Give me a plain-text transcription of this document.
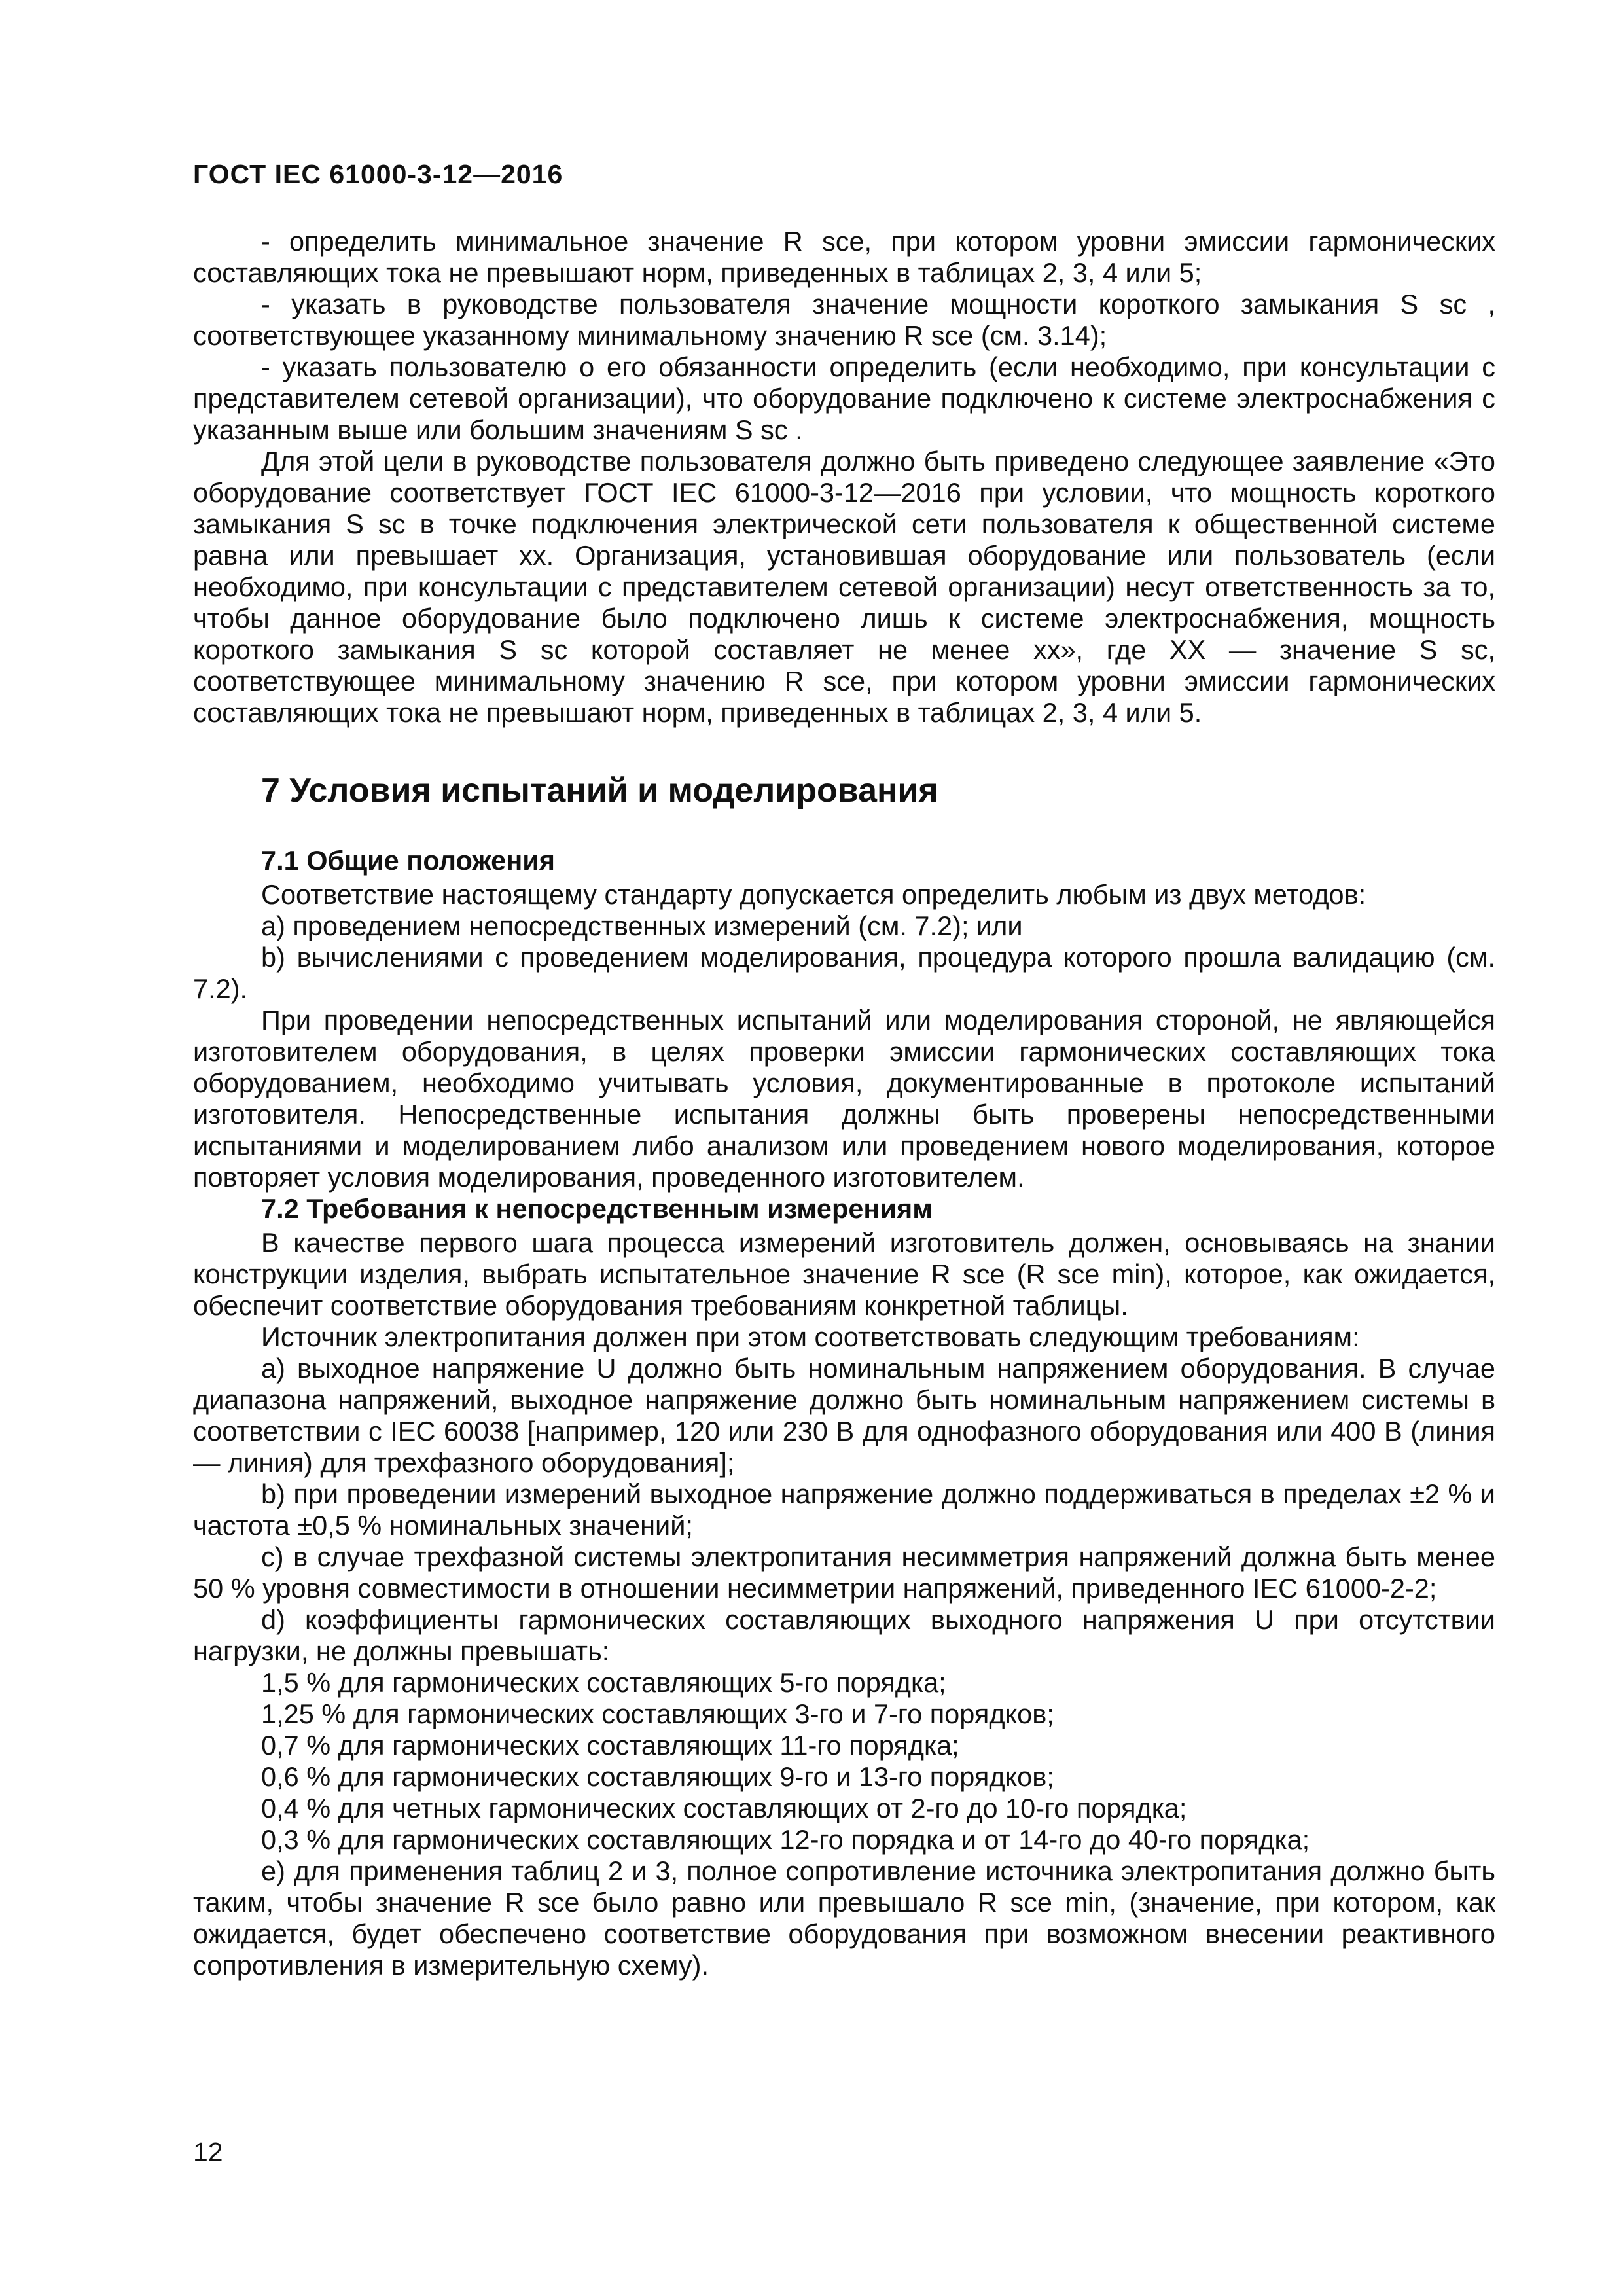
ГОСТ IEC 61000-3-12—2016

- определить минимальное значение R sce, при котором уровни эмиссии гармонических составляющих тока не превышают норм, приведенных в таблицах 2, 3, 4 или 5;

- указать в руководстве пользователя значение мощности короткого замыкания S sc , соответствующее указанному минимальному значению R sce (см. 3.14);

- указать пользователю о его обязанности определить (если необходимо, при консультации с представителем сетевой организации), что оборудование подключено к системе электроснабжения с указанным выше или большим значениям S sc .

Для этой цели в руководстве пользователя должно быть приведено следующее заявление «Это оборудование соответствует ГОСТ IEC 61000-3-12—2016 при условии, что мощность короткого замыкания S sc в точке подключения электрической сети пользователя к общественной системе равна или превышает хх. Организация, установившая оборудование или пользователь (если необходимо, при консультации с представителем сетевой организации) несут ответственность за то, чтобы данное оборудование было подключено лишь к системе электроснабжения, мощность короткого замыкания S sc которой составляет не менее хх», где XX — значение S sc, соответствующее минимальному значению R sce, при котором уровни эмиссии гармонических составляющих тока не превышают норм, приведенных в таблицах 2, 3, 4 или 5.

7 Условия испытаний и моделирования
7.1 Общие положения

Соответствие настоящему стандарту допускается определить любым из двух методов:

a) проведением непосредственных измерений (см. 7.2); или

b) вычислениями с проведением моделирования, процедура которого прошла валидацию (см. 7.2).

При проведении непосредственных испытаний или моделирования стороной, не являющейся изготовителем оборудования, в целях проверки эмиссии гармонических составляющих тока оборудованием, необходимо учитывать условия, документированные в протоколе испытаний изготовителя. Непосредственные испытания должны быть проверены непосредственными испытаниями и моделированием либо анализом или проведением нового моделирования, которое повторяет условия моделирования, проведенного изготовителем.

7.2 Требования к непосредственным измерениям

В качестве первого шага процесса измерений изготовитель должен, основываясь на знании конструкции изделия, выбрать испытательное значение R sce (R sce min), которое, как ожидается, обеспечит соответствие оборудования требованиям конкретной таблицы.

Источник электропитания должен при этом соответствовать следующим требованиям:

а) выходное напряжение U должно быть номинальным напряжением оборудования. В случае диапазона напряжений, выходное напряжение должно быть номинальным напряжением системы в соответствии с IEC 60038 [например, 120 или 230 В для однофазного оборудования или 400 В (линия — линия) для трехфазного оборудования];

b) при проведении измерений выходное напряжение должно поддерживаться в пределах ±2 % и частота ±0,5 % номинальных значений;

с) в случае трехфазной системы электропитания несимметрия напряжений должна быть менее 50 % уровня совместимости в отношении несимметрии напряжений, приведенного IEC 61000-2-2;

d) коэффициенты гармонических составляющих выходного напряжения U при отсутствии нагрузки, не должны превышать:

1,5 % для гармонических составляющих 5-го порядка;

1,25 % для гармонических составляющих 3-го и 7-го порядков;

0,7 % для гармонических составляющих 11-го порядка;

0,6 % для гармонических составляющих 9-го и 13-го порядков;

0,4 % для четных гармонических составляющих от 2-го до 10-го порядка;

0,3 % для гармонических составляющих 12-го порядка и от 14-го до 40-го порядка;

е) для применения таблиц 2 и 3, полное сопротивление источника электропитания должно быть таким, чтобы значение R sce было равно или превышало R sce min, (значение, при котором, как ожидается, будет обеспечено соответствие оборудования при возможном внесении реактивного сопротивления в измерительную схему).

12
